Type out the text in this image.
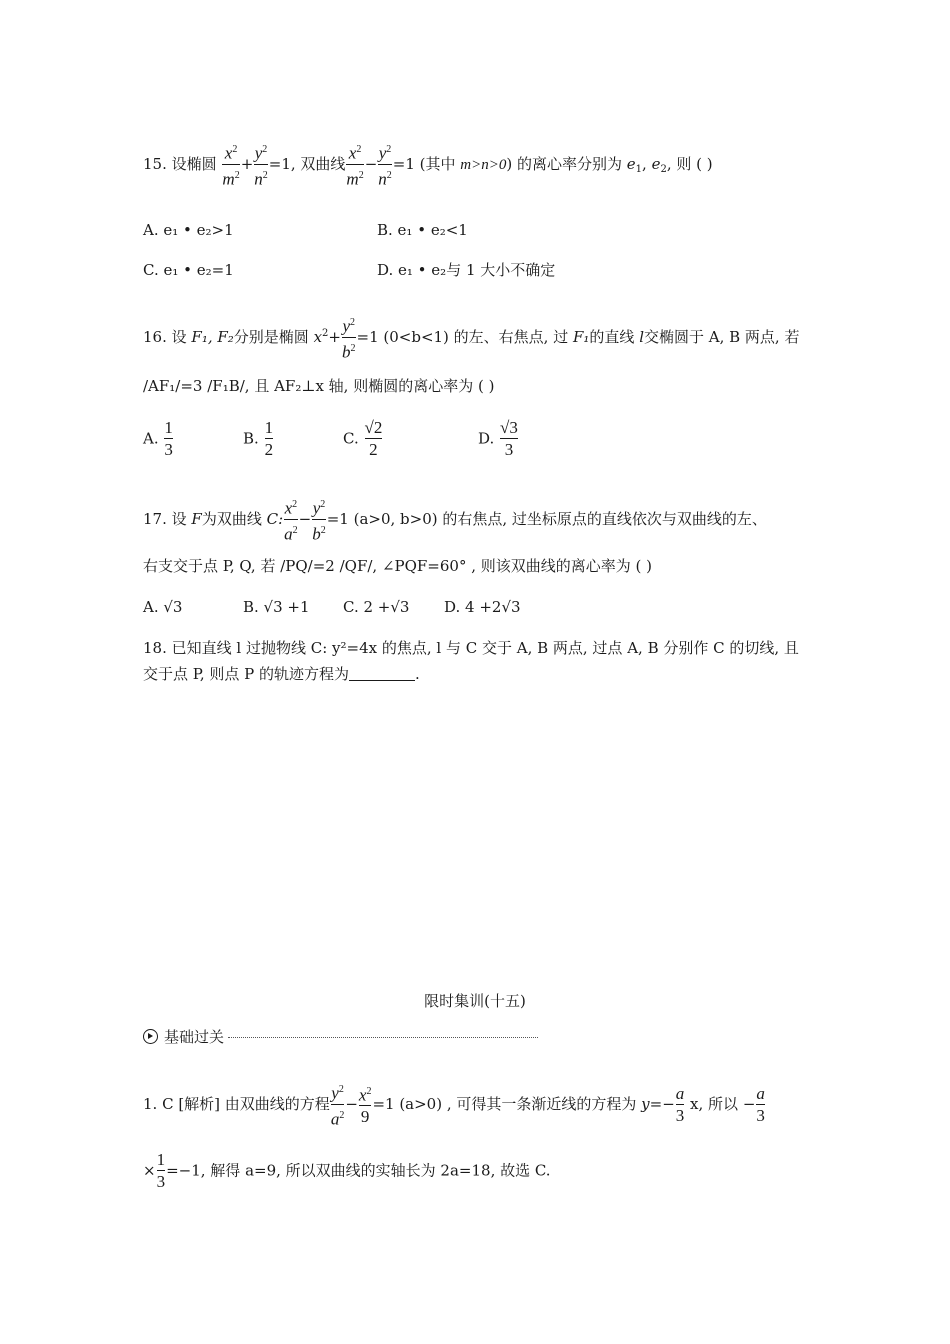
15. 设椭圆 $\frac{x^2}{m^2} + \frac{y^2}{n^2} =1$, 双曲线 $\frac{x^2}{m^2} - \frac{y^2}{n^2} =1$ (其中 m>n>0) 的离心率分别为 $e_1$, $e_2$, 则 ( )
A. e₁ • e₂>1	B. e₁ • e₂<1
C. e₁ • e₂=1	D. e₁ • e₂与 1 大小不确定
16. 设 F₁, F₂分别是椭圆 $x^2+ \frac{y^2}{b^2} =1$ (0<b<1) 的左、右焦点, 过 F₁的直线 l交椭圆于 A, B 两点, 若
/AF₁/=3 /F₁B/, 且 AF₂⊥x 轴, 则椭圆的离心率为 ( )
A. $\frac{1}{3}$	B. $\frac{1}{2}$	C. $\frac{√2}{2}$	D. $\frac{√3}{3}$
17. 设 F为双曲线 C: $\frac{x^2}{a^2} - \frac{y^2}{b^2} =1$ (a>0, b>0) 的右焦点, 过坐标原点的直线依次与双曲线的左、
右支交于点 P, Q, 若 /PQ/=2 /QF/, ∠PQF=60° , 则该双曲线的离心率为 ( )
A. √3	B. √3 +1 C. 2 +√3 D. 4 +2√3
18. 已知直线 l 过抛物线 C: y²=4x 的焦点, l 与 C 交于 A, B 两点, 过点 A, B 分别作 C 的切线, 且
交于点 P, 则点 P 的轨迹方程为	.
限时集训(十五)
基础过关
1. C [解析] 由双曲线的方程 $\frac{y^2}{a^2} - \frac{x^2}{9} =1$ (a>0) , 可得其一条渐近线的方程为 $y=- \frac{a}{3} x$, 所以 − $\frac{a}{3}$
× $\frac{1}{3} =-1$, 解得 a=9, 所以双曲线的实轴长为 2a=18, 故选 C.
